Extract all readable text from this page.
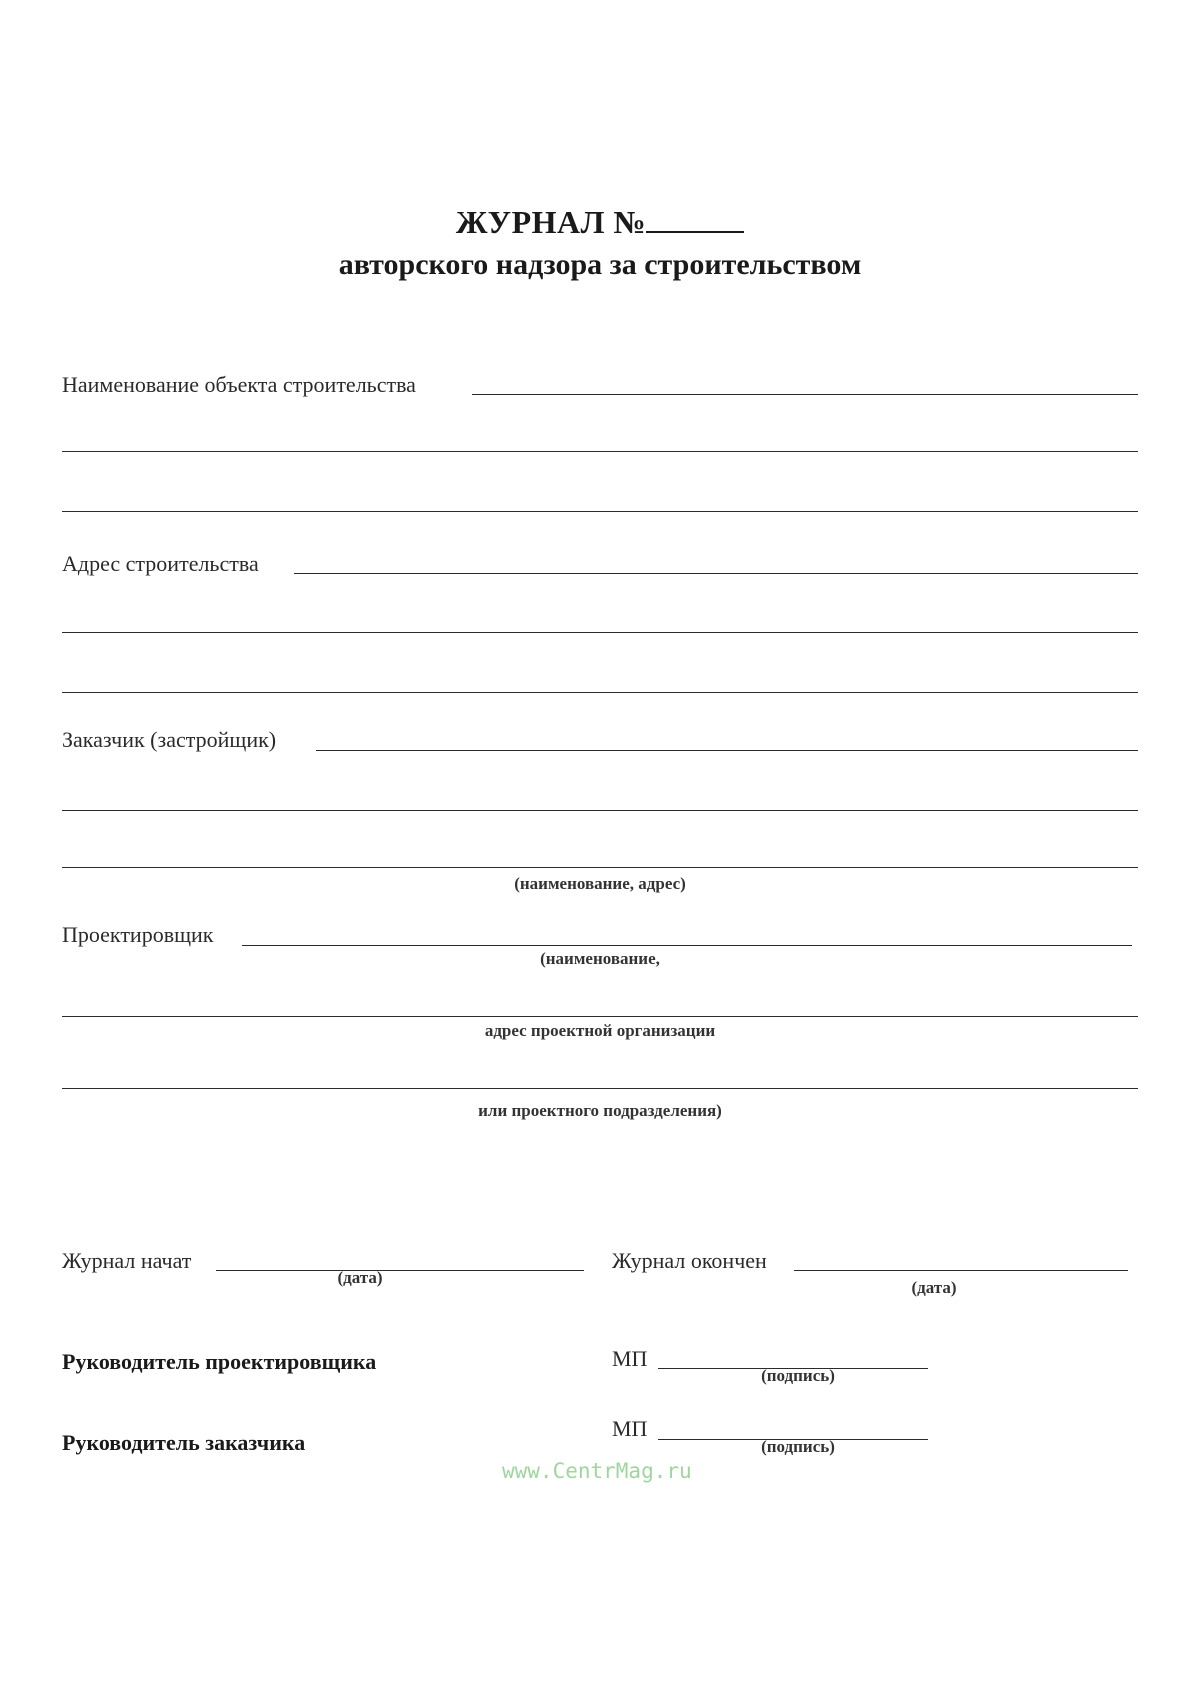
ЖУРНАЛ №
авторского надзора за строительством
Наименование объекта строительства
Адрес строительства
Заказчик (застройщик)
(наименование, адрес)
Проектировщик
(наименование,
адрес проектной организации
или проектного подразделения)
Журнал начат
(дата)
Журнал окончен
(дата)
Руководитель проектировщика	МП
(подпись)
Руководитель заказчика
МП
(подпись)
www.CentrMag.ru
